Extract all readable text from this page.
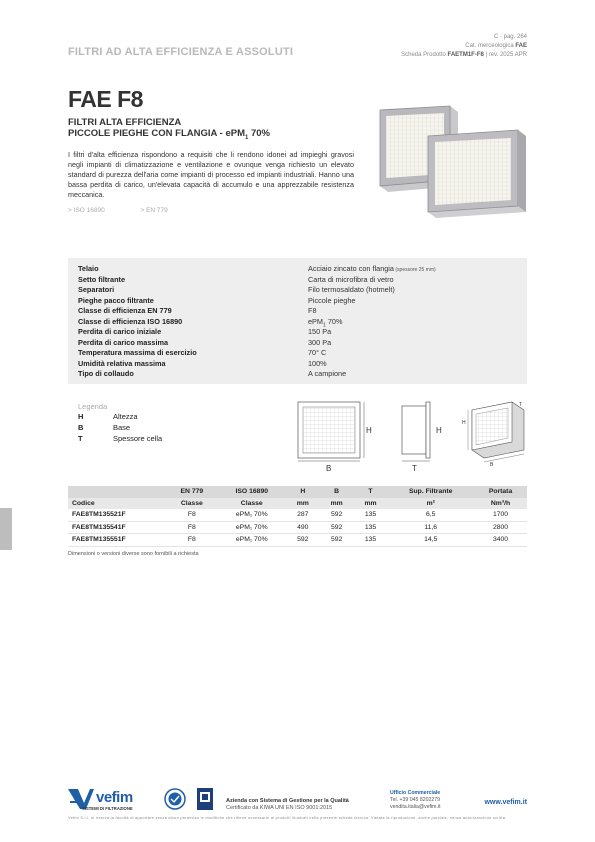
FILTRI AD ALTA EFFICIENZA E ASSOLUTI
C · pag. 264
Cat. merceologica FAE
Scheda Prodotto FAETM1F-F8 | rev. 2025 APR
FAE F8
FILTRI ALTA EFFICIENZA
PICCOLE PIEGHE CON FLANGIA - ePM$_1$ 70%
I filtri d'alta efficienza rispondono a requisiti che li rendono idonei ad impieghi gravosi negli impianti di climatizzazione e ventilazione e ovunque venga richiesto un elevato standard di purezza dell'aria come impianti di processo ed impianti industriali. Hanno una bassa perdita di carico, un'elevata capacità di accumulo e una apprezzabile resistenza meccanica.
> ISO 16890	> EN 779
Telaio	Acciaio zincato con flangia (spessore 25 mm)
Setto filtrante	Carta di microfibra di vetro
Separatori	Filo termosaldato (hotmelt)
Pieghe pacco filtrante	Piccole pieghe
Classe di efficienza EN 779	F8
Classe di efficienza ISO 16890	ePM$_1$ 70%
Perdita di carico iniziale	150 Pa
Perdita di carico massima	300 Pa
Temperatura massima di esercizio	70° C
Umidità relativa massima	100%
Tipo di collaudo	A campione
Legenda
H	Altezza
B	Base
T	Spessore cella
H
B
H
T
H
B
T
	EN 779	ISO 16890	H	B	T	Sup. Filtrante	Portata
Codice	Classe	Classe	mm	mm	mm	m²	Nm³/h
FAE8TM135521F	F8	ePM₁ 70%	287	592	135	6,5	1700
FAE8TM135541F	F8	ePM₁ 70%	490	592	135	11,6	2800
FAE8TM135551F	F8	ePM₁ 70%	592	592	135	14,5	3400
Dimensioni o versioni diverse sono fornibili a richiesta
vefim
SISTEMI DI FILTRAZIONE
Azienda con Sistema di Gestione per la Qualità
Certificato da KIWA UNI EN ISO 9001:2015
Ufficio Commerciale
Tel. +39 045 8202279
vendita.italia@vefim.it
www.vefim.it
Vefim S.r.l. si riserva la facoltà di apportare senza alcun preavviso le modifiche che ritiene necessarie ai prodotti illustrati nella presente scheda tecnica. Vietata la riproduzione, anche parziale, senza autorizzazione scritta.
